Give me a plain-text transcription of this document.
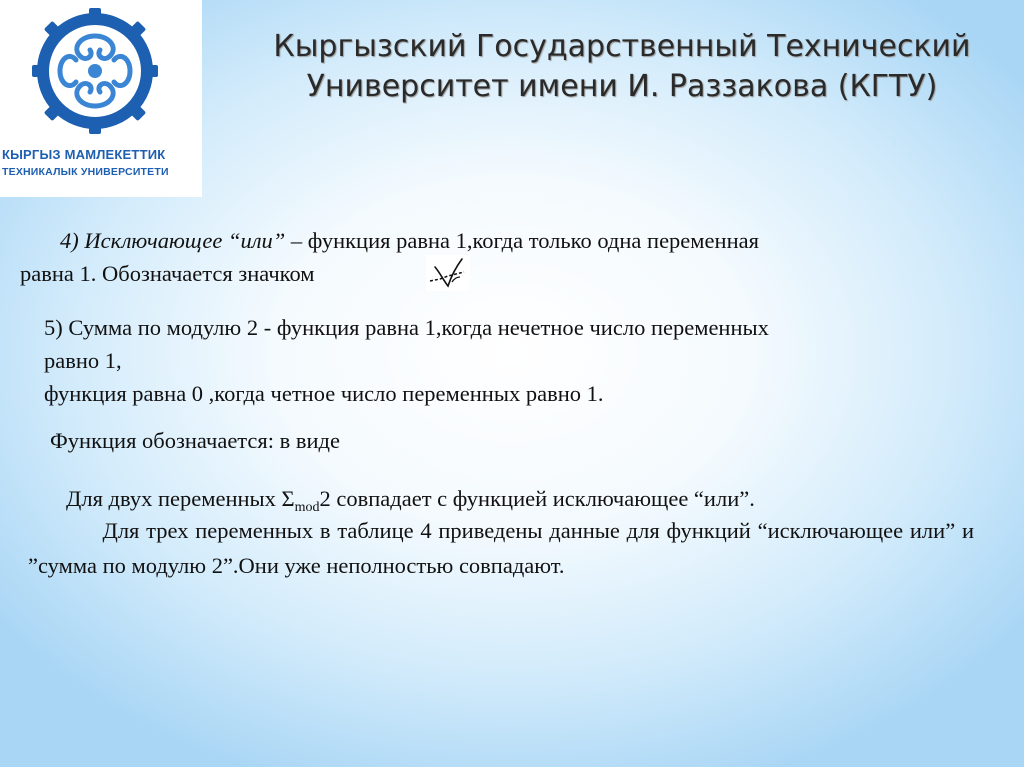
КЫРГЫЗ МАМЛЕКЕТТИК
ТЕХНИКАЛЫК УНИВЕРСИТЕТИ
Кыргызский Государственный Технический
Университет имени И. Раззакова (КГТУ)
4) Исключающее “или” – функция равна 1,когда только одна переменная
равна 1. Обозначается значком
5) Сумма по модулю 2 - функция равна 1,когда нечетное число переменных
равно 1,
функция равна 0 ,когда четное число переменных равно 1.
Функция обозначается: в виде
Для двух переменных $\Sigma_{mod}2$ совпадает с функцией исключающее “или”.
Для трех переменных в таблице 4 приведены данные для функций “исключающее или” и ”сумма по модулю 2”.Они уже неполностью совпадают.
